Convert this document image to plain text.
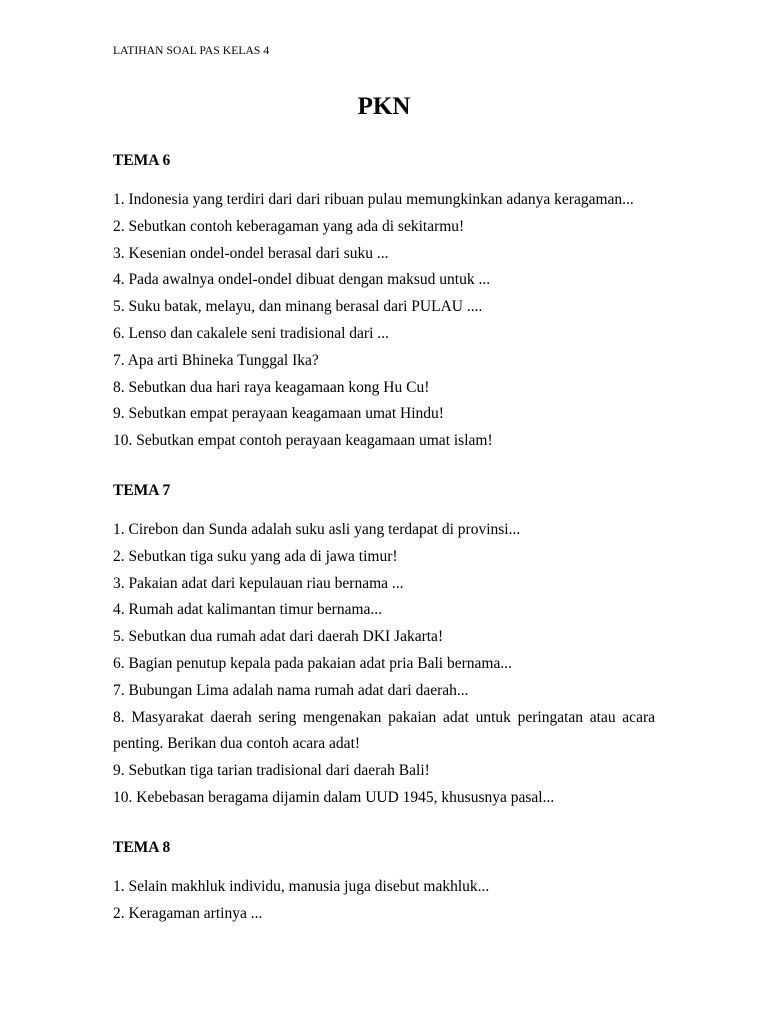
LATIHAN SOAL PAS KELAS 4
PKN
TEMA 6
1. Indonesia yang terdiri dari dari ribuan pulau memungkinkan adanya keragaman...
2. Sebutkan contoh keberagaman yang ada di sekitarmu!
3. Kesenian ondel-ondel berasal dari suku ...
4. Pada awalnya ondel-ondel dibuat dengan maksud untuk ...
5. Suku batak, melayu, dan minang berasal dari PULAU ....
6. Lenso dan cakalele seni tradisional dari ...
7. Apa arti Bhineka Tunggal Ika?
8. Sebutkan dua hari raya keagamaan kong Hu Cu!
9. Sebutkan empat perayaan keagamaan umat Hindu!
10. Sebutkan empat contoh perayaan keagamaan umat islam!
TEMA 7
1. Cirebon dan Sunda adalah suku asli yang terdapat di provinsi...
2. Sebutkan tiga suku yang ada di jawa timur!
3. Pakaian adat dari kepulauan riau bernama ...
4. Rumah adat kalimantan timur bernama...
5. Sebutkan dua rumah adat dari daerah DKI Jakarta!
6. Bagian penutup kepala pada pakaian adat pria Bali bernama...
7. Bubungan Lima adalah nama rumah adat dari daerah...
8. Masyarakat daerah sering mengenakan pakaian adat untuk peringatan atau acara penting. Berikan dua contoh acara adat!
9. Sebutkan tiga tarian tradisional dari daerah Bali!
10. Kebebasan beragama dijamin dalam UUD 1945, khususnya pasal...
TEMA 8
1. Selain makhluk individu, manusia juga disebut makhluk...
2. Keragaman artinya ...
